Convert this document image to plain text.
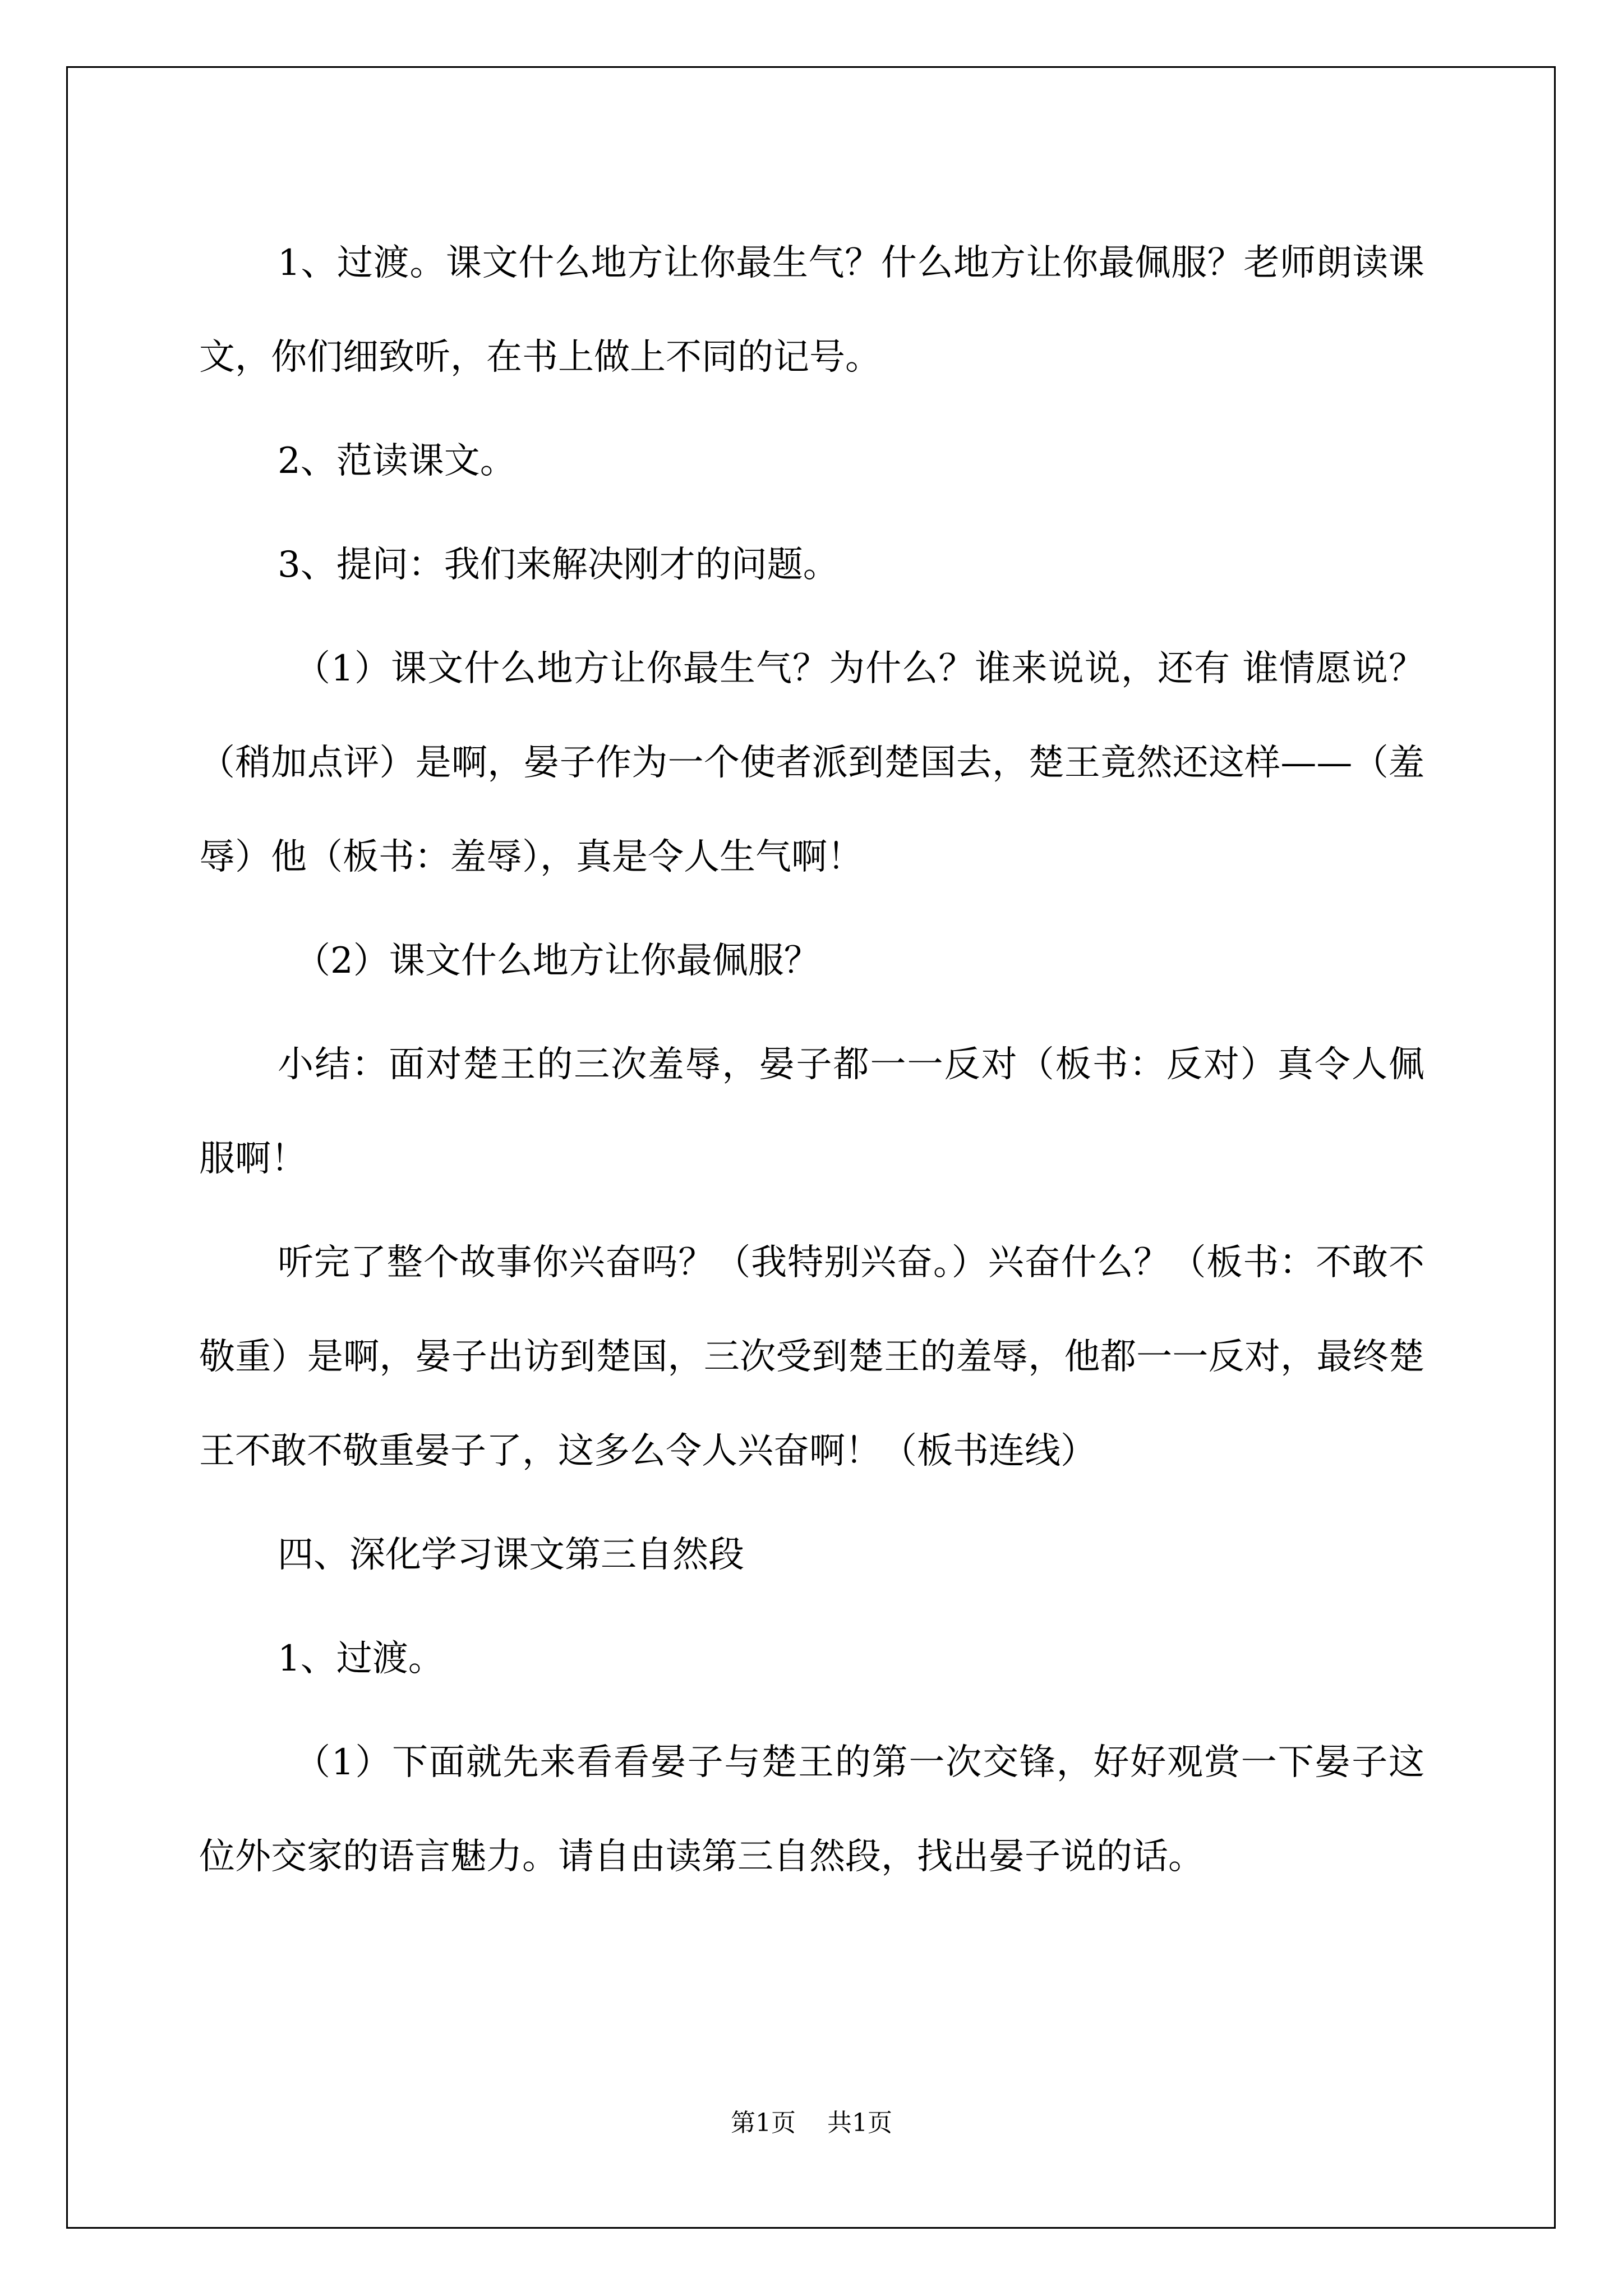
1、过渡。课文什么地方让你最生气？什么地方让你最佩服？老师朗读课文，你们细致听，在书上做上不同的记号。

2、范读课文。

3、提问：我们来解决刚才的问题。

（1）课文什么地方让你最生气？为什么？谁来说说，还有 谁情愿说？（稍加点评）是啊，晏子作为一个使者派到楚国去，楚王竟然还这样——（羞辱）他（板书：羞辱），真是令人生气啊！

（2）课文什么地方让你最佩服？

小结：面对楚王的三次羞辱，晏子都一一反对（板书：反对）真令人佩服啊！

听完了整个故事你兴奋吗？（我特别兴奋。）兴奋什么？（板书：不敢不敬重）是啊，晏子出访到楚国，三次受到楚王的羞辱，他都一一反对，最终楚王不敢不敬重晏子了，这多么令人兴奋啊！（板书连线）

四、深化学习课文第三自然段

1、过渡。

（1）下面就先来看看晏子与楚王的第一次交锋，好好观赏一下晏子这位外交家的语言魅力。请自由读第三自然段，找出晏子说的话。

第1页 共1页
